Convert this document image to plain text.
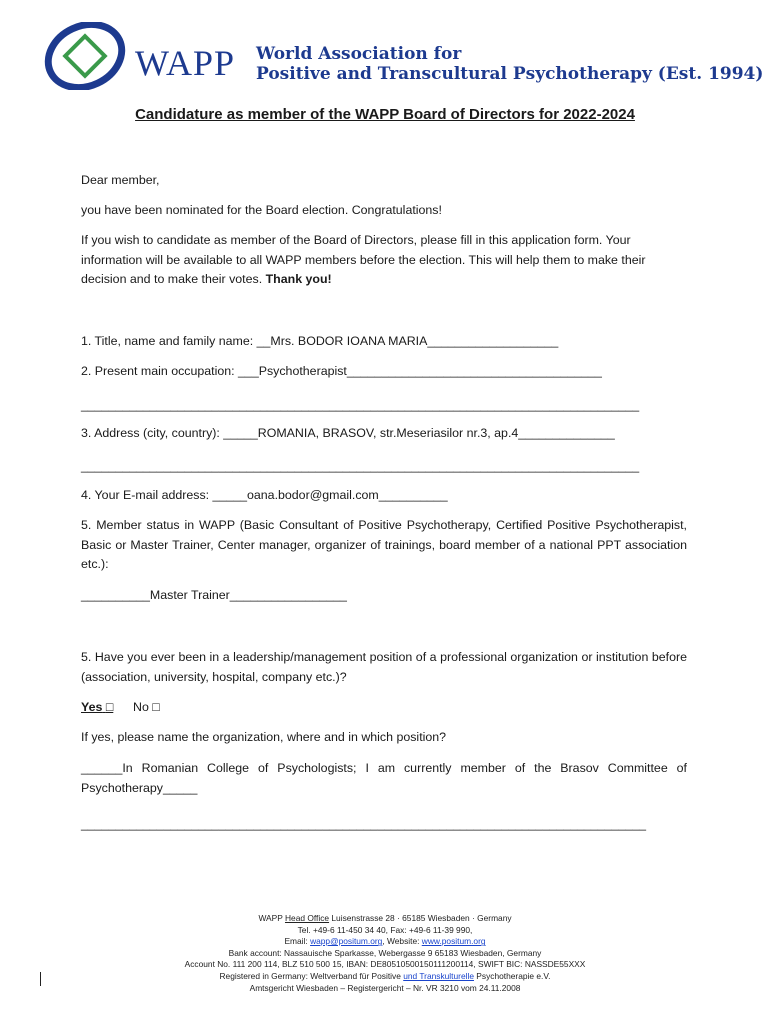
WAPP World Association for
Positive and Transcultural Psychotherapy (Est. 1994)
Candidature as member of the WAPP Board of Directors for 2022-2024
Dear member,
you have been nominated for the Board election. Congratulations!
If you wish to candidate as member of the Board of Directors, please fill in this application form. Your information will be available to all WAPP members before the election. This will help them to make their decision and to make their votes. Thank you!
1. Title, name and family name: __Mrs. BODOR IOANA MARIA___________________
2. Present main occupation: ___Psychotherapist_____________________________________
_________________________________________________________________________________
3. Address (city, country): _____ROMANIA, BRASOV, str.Meseriasilor nr.3, ap.4______________
_________________________________________________________________________________
4. Your E-mail address: _____oana.bodor@gmail.com__________
5. Member status in WAPP (Basic Consultant of Positive Psychotherapy, Certified Positive Psychotherapist, Basic or Master Trainer, Center manager, organizer of trainings, board member of a national PPT association etc.):
__________Master Trainer_________________
5. Have you ever been in a leadership/management position of a professional organization or institution before (association, university, hospital, company etc.)?
Yes □ No □
If yes, please name the organization, where and in which position?
______In Romanian College of Psychologists; I am currently member of the Brasov Committee of Psychotherapy_____
__________________________________________________________________________________
WAPP Head Office Luisenstrasse 28 · 65185 Wiesbaden · Germany
Tel. +49-6 11-450 34 40, Fax: +49-6 11-39 990,
Email: wapp@positum.org, Website: www.positum.org
Bank account: Nassauische Sparkasse, Webergasse 9 65183 Wiesbaden, Germany
Account No. 111 200 114, BLZ 510 500 15, IBAN: DE80510500150111200114, SWIFT BIC: NASSDE55XXX
Registered in Germany: Weltverband für Positive und Transkulturelle Psychotherapie e.V.
Amtsgericht Wiesbaden – Registergericht – Nr. VR 3210 vom 24.11.2008
